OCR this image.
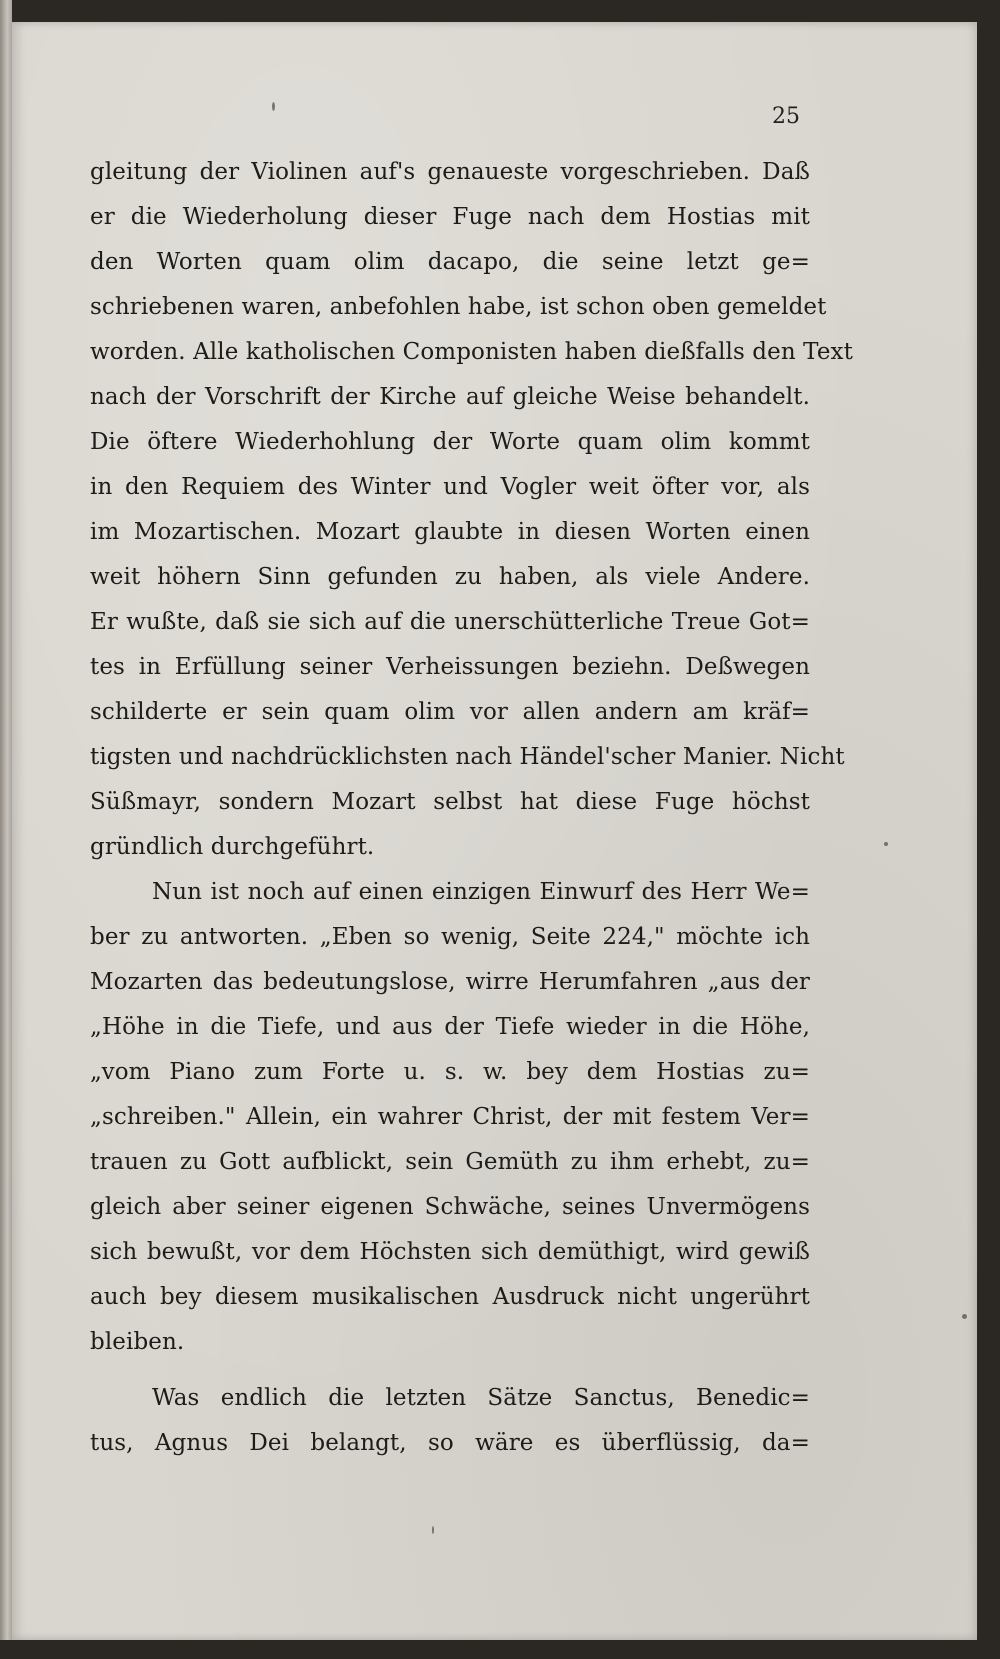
25
gleitung der Violinen auf's genaueste vorgeschrieben. Daß
er die Wiederholung dieser Fuge nach dem Hostias mit
den Worten quam olim dacapo, die seine letzt ge=
schriebenen waren, anbefohlen habe, ist schon oben gemeldet
worden. Alle katholischen Componisten haben dießfalls den Text
nach der Vorschrift der Kirche auf gleiche Weise behandelt.
Die öftere Wiederhohlung der Worte quam olim kommt
in den Requiem des Winter und Vogler weit öfter vor, als
im Mozartischen. Mozart glaubte in diesen Worten einen
weit höhern Sinn gefunden zu haben, als viele Andere.
Er wußte, daß sie sich auf die unerschütterliche Treue Got=
tes in Erfüllung seiner Verheissungen beziehn. Deßwegen
schilderte er sein quam olim vor allen andern am kräf=
tigsten und nachdrücklichsten nach Händel'scher Manier. Nicht
Süßmayr, sondern Mozart selbst hat diese Fuge höchst
gründlich durchgeführt.
Nun ist noch auf einen einzigen Einwurf des Herr We=
ber zu antworten. „Eben so wenig, Seite 224," möchte ich
Mozarten das bedeutungslose, wirre Herumfahren „aus der
„Höhe in die Tiefe, und aus der Tiefe wieder in die Höhe,
„vom Piano zum Forte u. s. w. bey dem Hostias zu=
„schreiben." Allein, ein wahrer Christ, der mit festem Ver=
trauen zu Gott aufblickt, sein Gemüth zu ihm erhebt, zu=
gleich aber seiner eigenen Schwäche, seines Unvermögens
sich bewußt, vor dem Höchsten sich demüthigt, wird gewiß
auch bey diesem musikalischen Ausdruck nicht ungerührt
bleiben.
Was endlich die letzten Sätze Sanctus, Benedic=
tus, Agnus Dei belangt, so wäre es überflüssig, da=
